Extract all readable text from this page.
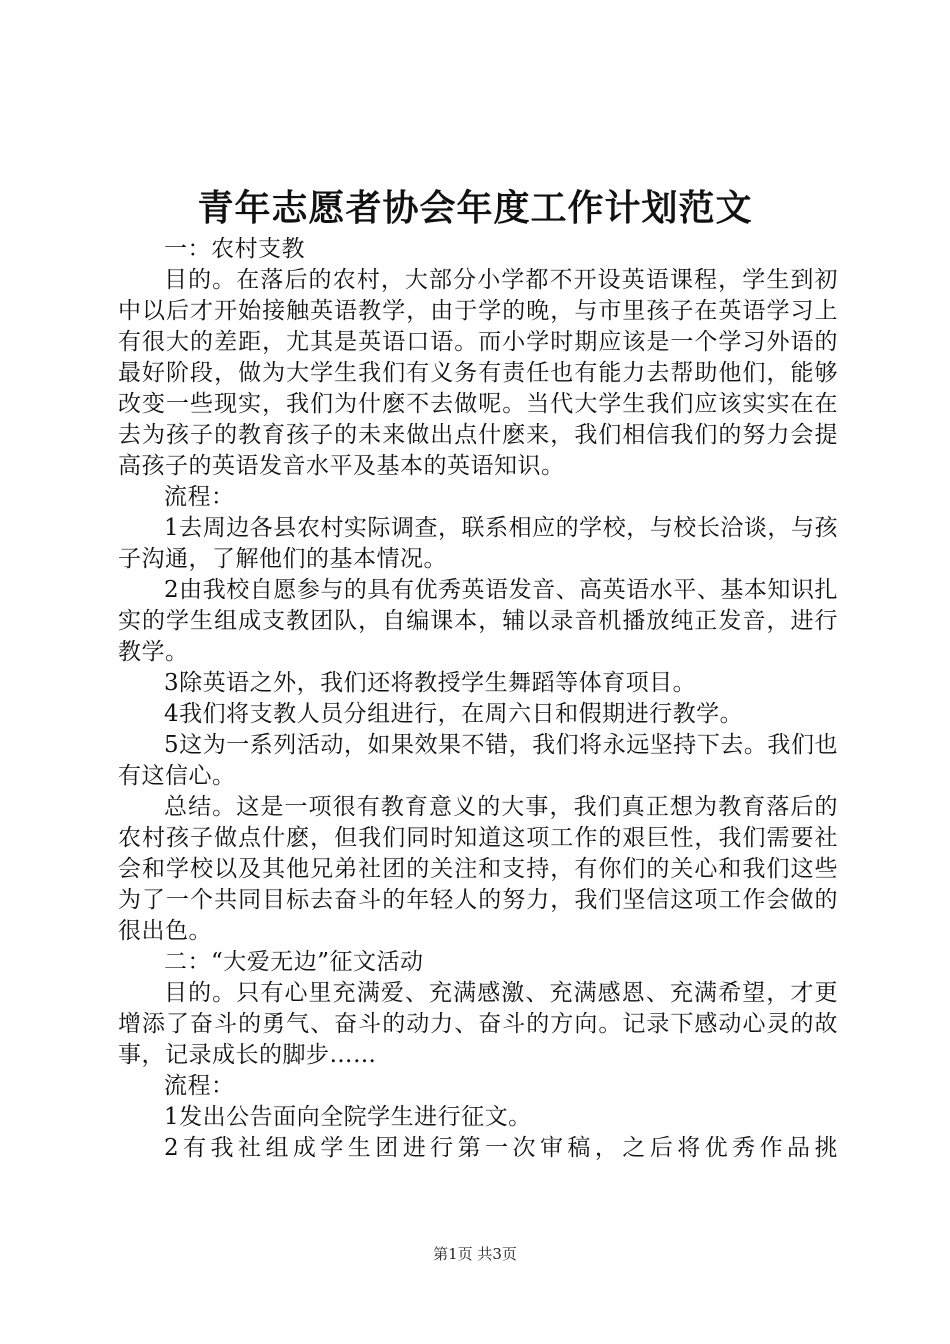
青年志愿者协会年度工作计划范文

一：农村支教

目的。在落后的农村，大部分小学都不开设英语课程，学生到初中以后才开始接触英语教学，由于学的晚，与市里孩子在英语学习上有很大的差距，尤其是英语口语。而小学时期应该是一个学习外语的最好阶段，做为大学生我们有义务有责任也有能力去帮助他们，能够改变一些现实，我们为什麽不去做呢。当代大学生我们应该实实在在去为孩子的教育孩子的未来做出点什麽来，我们相信我们的努力会提高孩子的英语发音水平及基本的英语知识。

流程：

1去周边各县农村实际调查，联系相应的学校，与校长洽谈，与孩子沟通，了解他们的基本情况。

2由我校自愿参与的具有优秀英语发音、高英语水平、基本知识扎实的学生组成支教团队，自编课本，辅以录音机播放纯正发音，进行教学。

3除英语之外，我们还将教授学生舞蹈等体育项目。

4我们将支教人员分组进行，在周六日和假期进行教学。

5这为一系列活动，如果效果不错，我们将永远坚持下去。我们也有这信心。

总结。这是一项很有教育意义的大事，我们真正想为教育落后的农村孩子做点什麽，但我们同时知道这项工作的艰巨性，我们需要社会和学校以及其他兄弟社团的关注和支持，有你们的关心和我们这些为了一个共同目标去奋斗的年轻人的努力，我们坚信这项工作会做的很出色。

二：“大爱无边”征文活动

目的。只有心里充满爱、充满感激、充满感恩、充满希望，才更增添了奋斗的勇气、奋斗的动力、奋斗的方向。记录下感动心灵的故事，记录成长的脚步……

流程：

1发出公告面向全院学生进行征文。

2有我社组成学生团进行第一次审稿，之后将优秀作品挑

第1页 共3页
